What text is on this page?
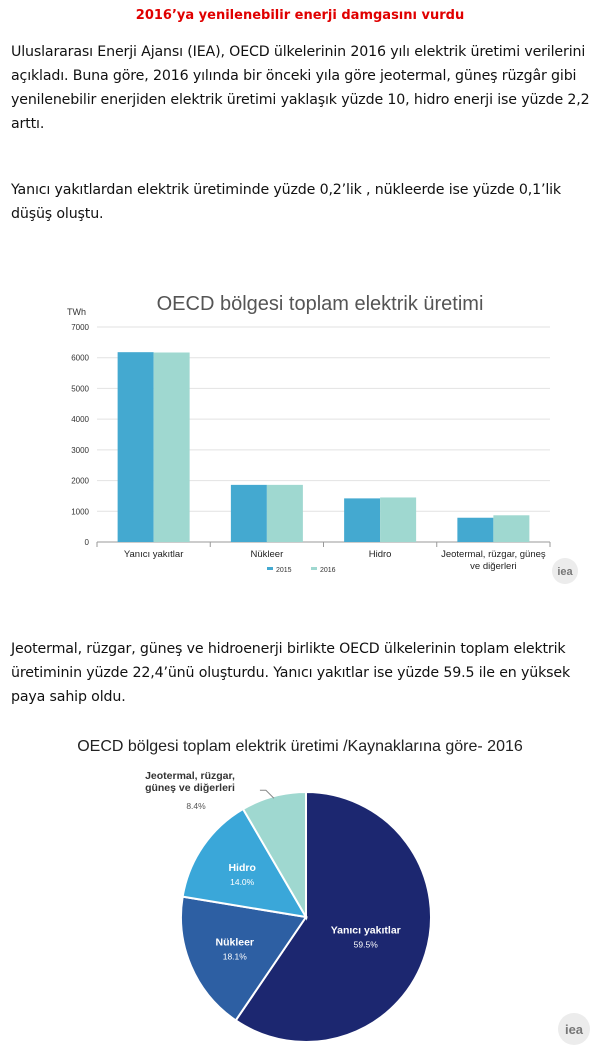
2016’ya yenilenebilir enerji damgasını vurdu
Uluslararası Enerji Ajansı (IEA), OECD ülkelerinin 2016 yılı elektrik üretimi verilerini açıkladı. Buna göre, 2016 yılında bir önceki yıla göre jeotermal, güneş rüzgâr gibi yenilenebilir enerjiden elektrik üretimi yaklaşık yüzde 10, hidro enerji ise yüzde 2,2 arttı.
Yanıcı yakıtlardan elektrik üretiminde yüzde 0,2’lik , nükleerde ise yüzde 0,1’lik düşüş oluştu.
OECD bölgesi toplam elektrik üretimi
TWh
0
1000
2000
3000
4000
5000
6000
7000
Yanıcı yakıtlar	Nükleer	Hidro	Jeotermal, rüzgar, güneş
ve diğerleri
2015	2016	iea
Jeotermal, rüzgar, güneş ve hidroenerji birlikte OECD ülkelerinin toplam elektrik üretiminin yüzde 22,4’ünü oluşturdu. Yanıcı yakıtlar ise yüzde 59.5 ile en yüksek paya sahip oldu.
OECD bölgesi toplam elektrik üretimi /Kaynaklarına göre- 2016
Yanıcı yakıtlar
59.5%
Nükleer
18.1%
Hidro
14.0%
Jeotermal, rüzgar,
güneş ve diğerleri
8.4%
iea
